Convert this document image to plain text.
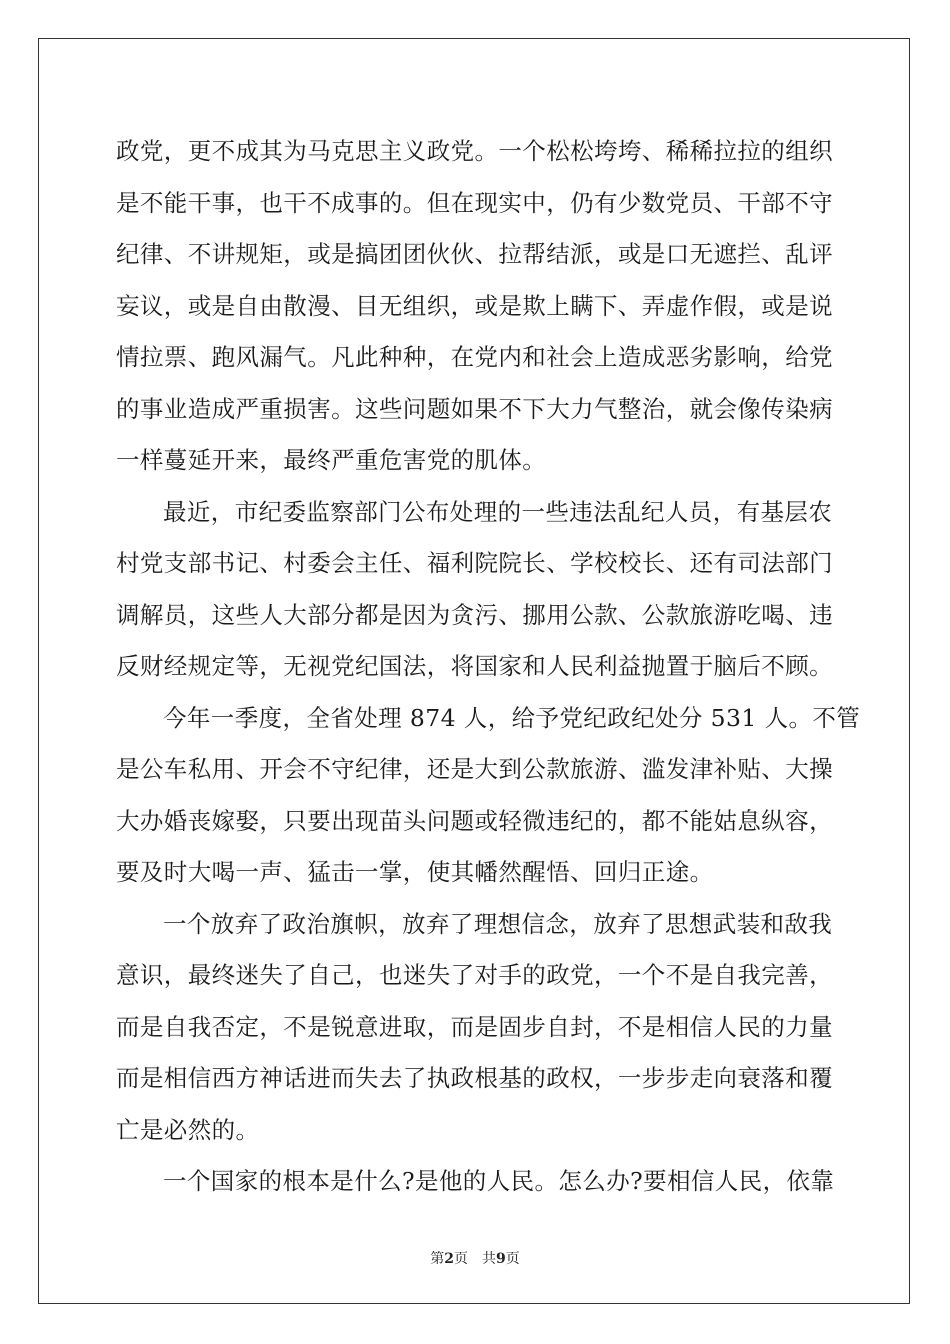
政党，更不成其为马克思主义政党。一个松松垮垮、稀稀拉拉的组织
是不能干事，也干不成事的。但在现实中，仍有少数党员、干部不守
纪律、不讲规矩，或是搞团团伙伙、拉帮结派，或是口无遮拦、乱评
妄议，或是自由散漫、目无组织，或是欺上瞒下、弄虚作假，或是说
情拉票、跑风漏气。凡此种种，在党内和社会上造成恶劣影响，给党
的事业造成严重损害。这些问题如果不下大力气整治，就会像传染病
一样蔓延开来，最终严重危害党的肌体。
最近，市纪委监察部门公布处理的一些违法乱纪人员，有基层农
村党支部书记、村委会主任、福利院院长、学校校长、还有司法部门
调解员，这些人大部分都是因为贪污、挪用公款、公款旅游吃喝、违
反财经规定等，无视党纪国法，将国家和人民利益抛置于脑后不顾。
今年一季度，全省处理 874 人，给予党纪政纪处分 531 人。不管
是公车私用、开会不守纪律，还是大到公款旅游、滥发津补贴、大操
大办婚丧嫁娶，只要出现苗头问题或轻微违纪的，都不能姑息纵容，
要及时大喝一声、猛击一掌，使其幡然醒悟、回归正途。
一个放弃了政治旗帜，放弃了理想信念，放弃了思想武装和敌我
意识，最终迷失了自己，也迷失了对手的政党，一个不是自我完善，
而是自我否定，不是锐意进取，而是固步自封，不是相信人民的力量
而是相信西方神话进而失去了执政根基的政权，一步步走向衰落和覆
亡是必然的。
一个国家的根本是什么?是他的人民。怎么办?要相信人民，依靠
第2页　共9页
